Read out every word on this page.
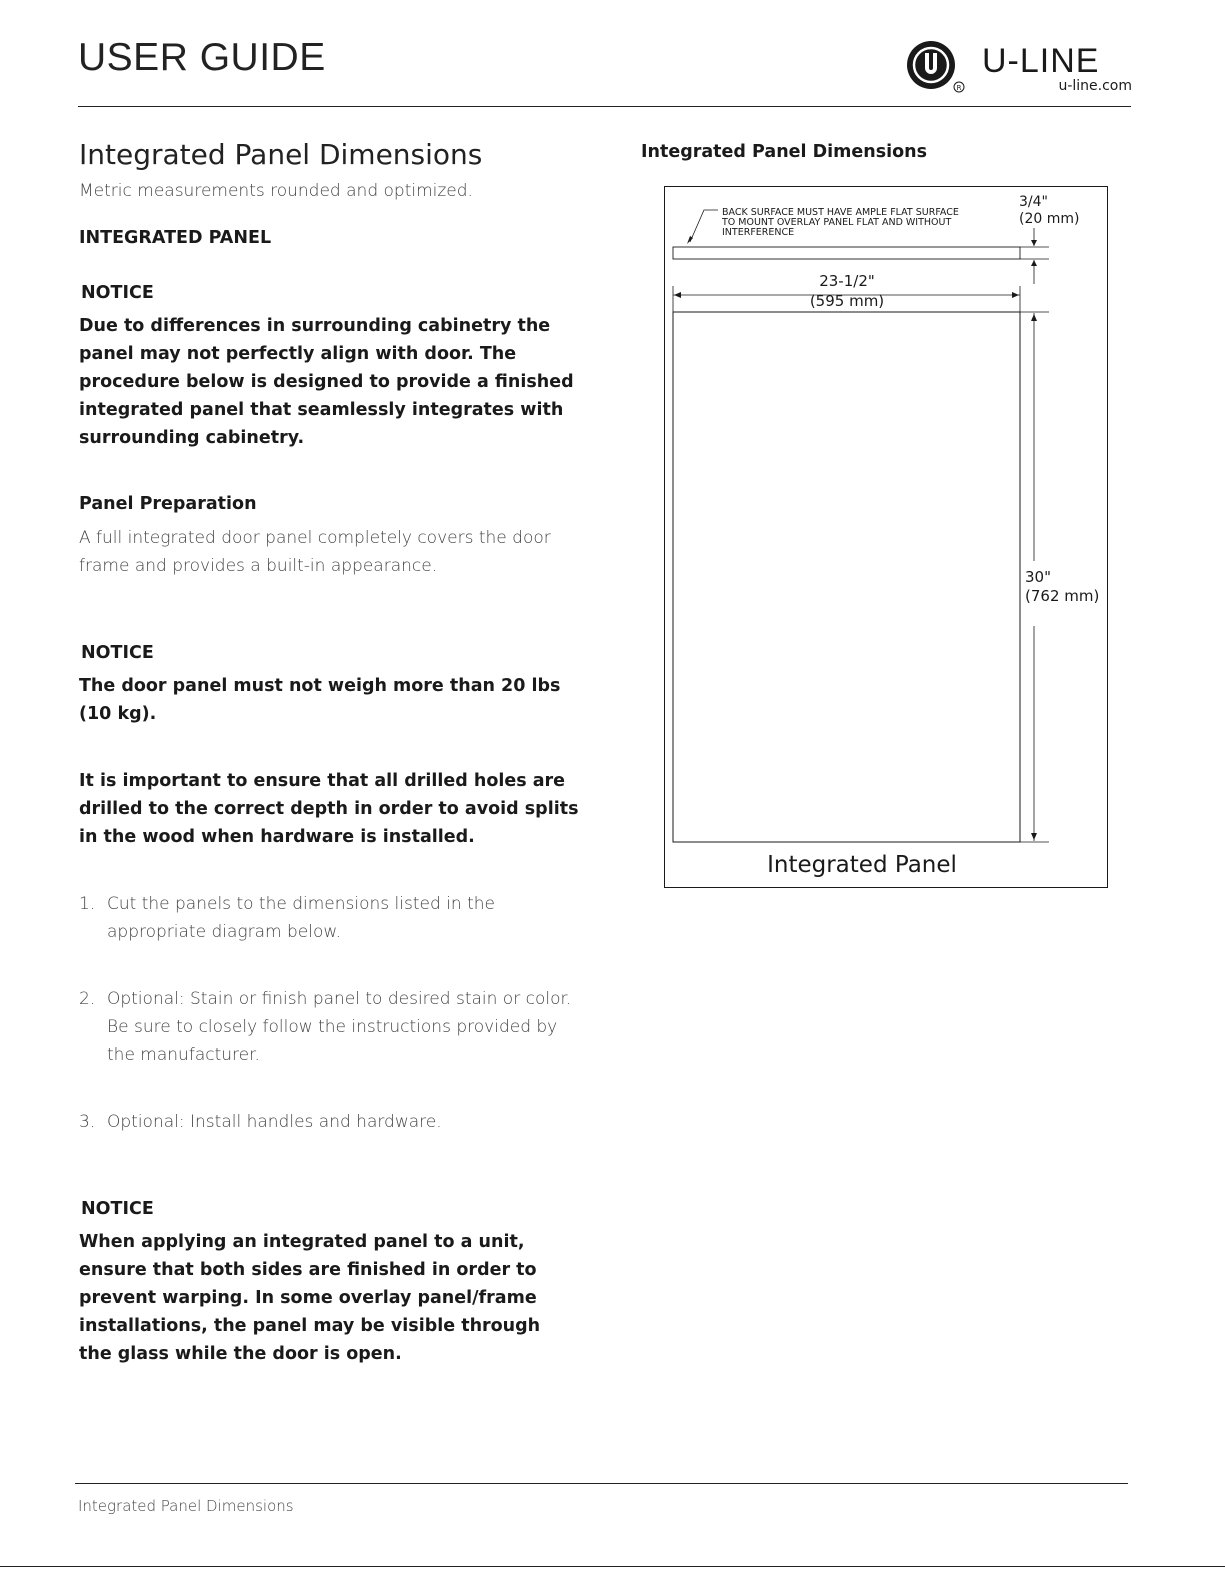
USER GUIDE
R
U-LINE
u-line.com
Integrated Panel Dimensions
Metric measurements rounded and optimized.
INTEGRATED PANEL
NOTICE
Due to differences in surrounding cabinetry the panel may not perfectly align with door. The procedure below is designed to provide a finished integrated panel that seamlessly integrates with surrounding cabinetry.
Panel Preparation
A full integrated door panel completely covers the door frame and provides a built-in appearance.
NOTICE
The door panel must not weigh more than 20 lbs (10 kg).
It is important to ensure that all drilled holes are drilled to the correct depth in order to avoid splits in the wood when hardware is installed.
1. Cut the panels to the dimensions listed in the appropriate diagram below.
2. Optional: Stain or finish panel to desired stain or color. Be sure to closely follow the instructions provided by the manufacturer.
3. Optional: Install handles and hardware.
NOTICE
When applying an integrated panel to a unit, ensure that both sides are finished in order to prevent warping. In some overlay panel/frame installations, the panel may be visible through the glass while the door is open.
Integrated Panel Dimensions
BACK SURFACE MUST HAVE AMPLE FLAT SURFACE
TO MOUNT OVERLAY PANEL FLAT AND WITHOUT
INTERFERENCE
3/4"
(20 mm)
23-1/2"
(595 mm)
30"
(762 mm)
Integrated Panel
Integrated Panel Dimensions
